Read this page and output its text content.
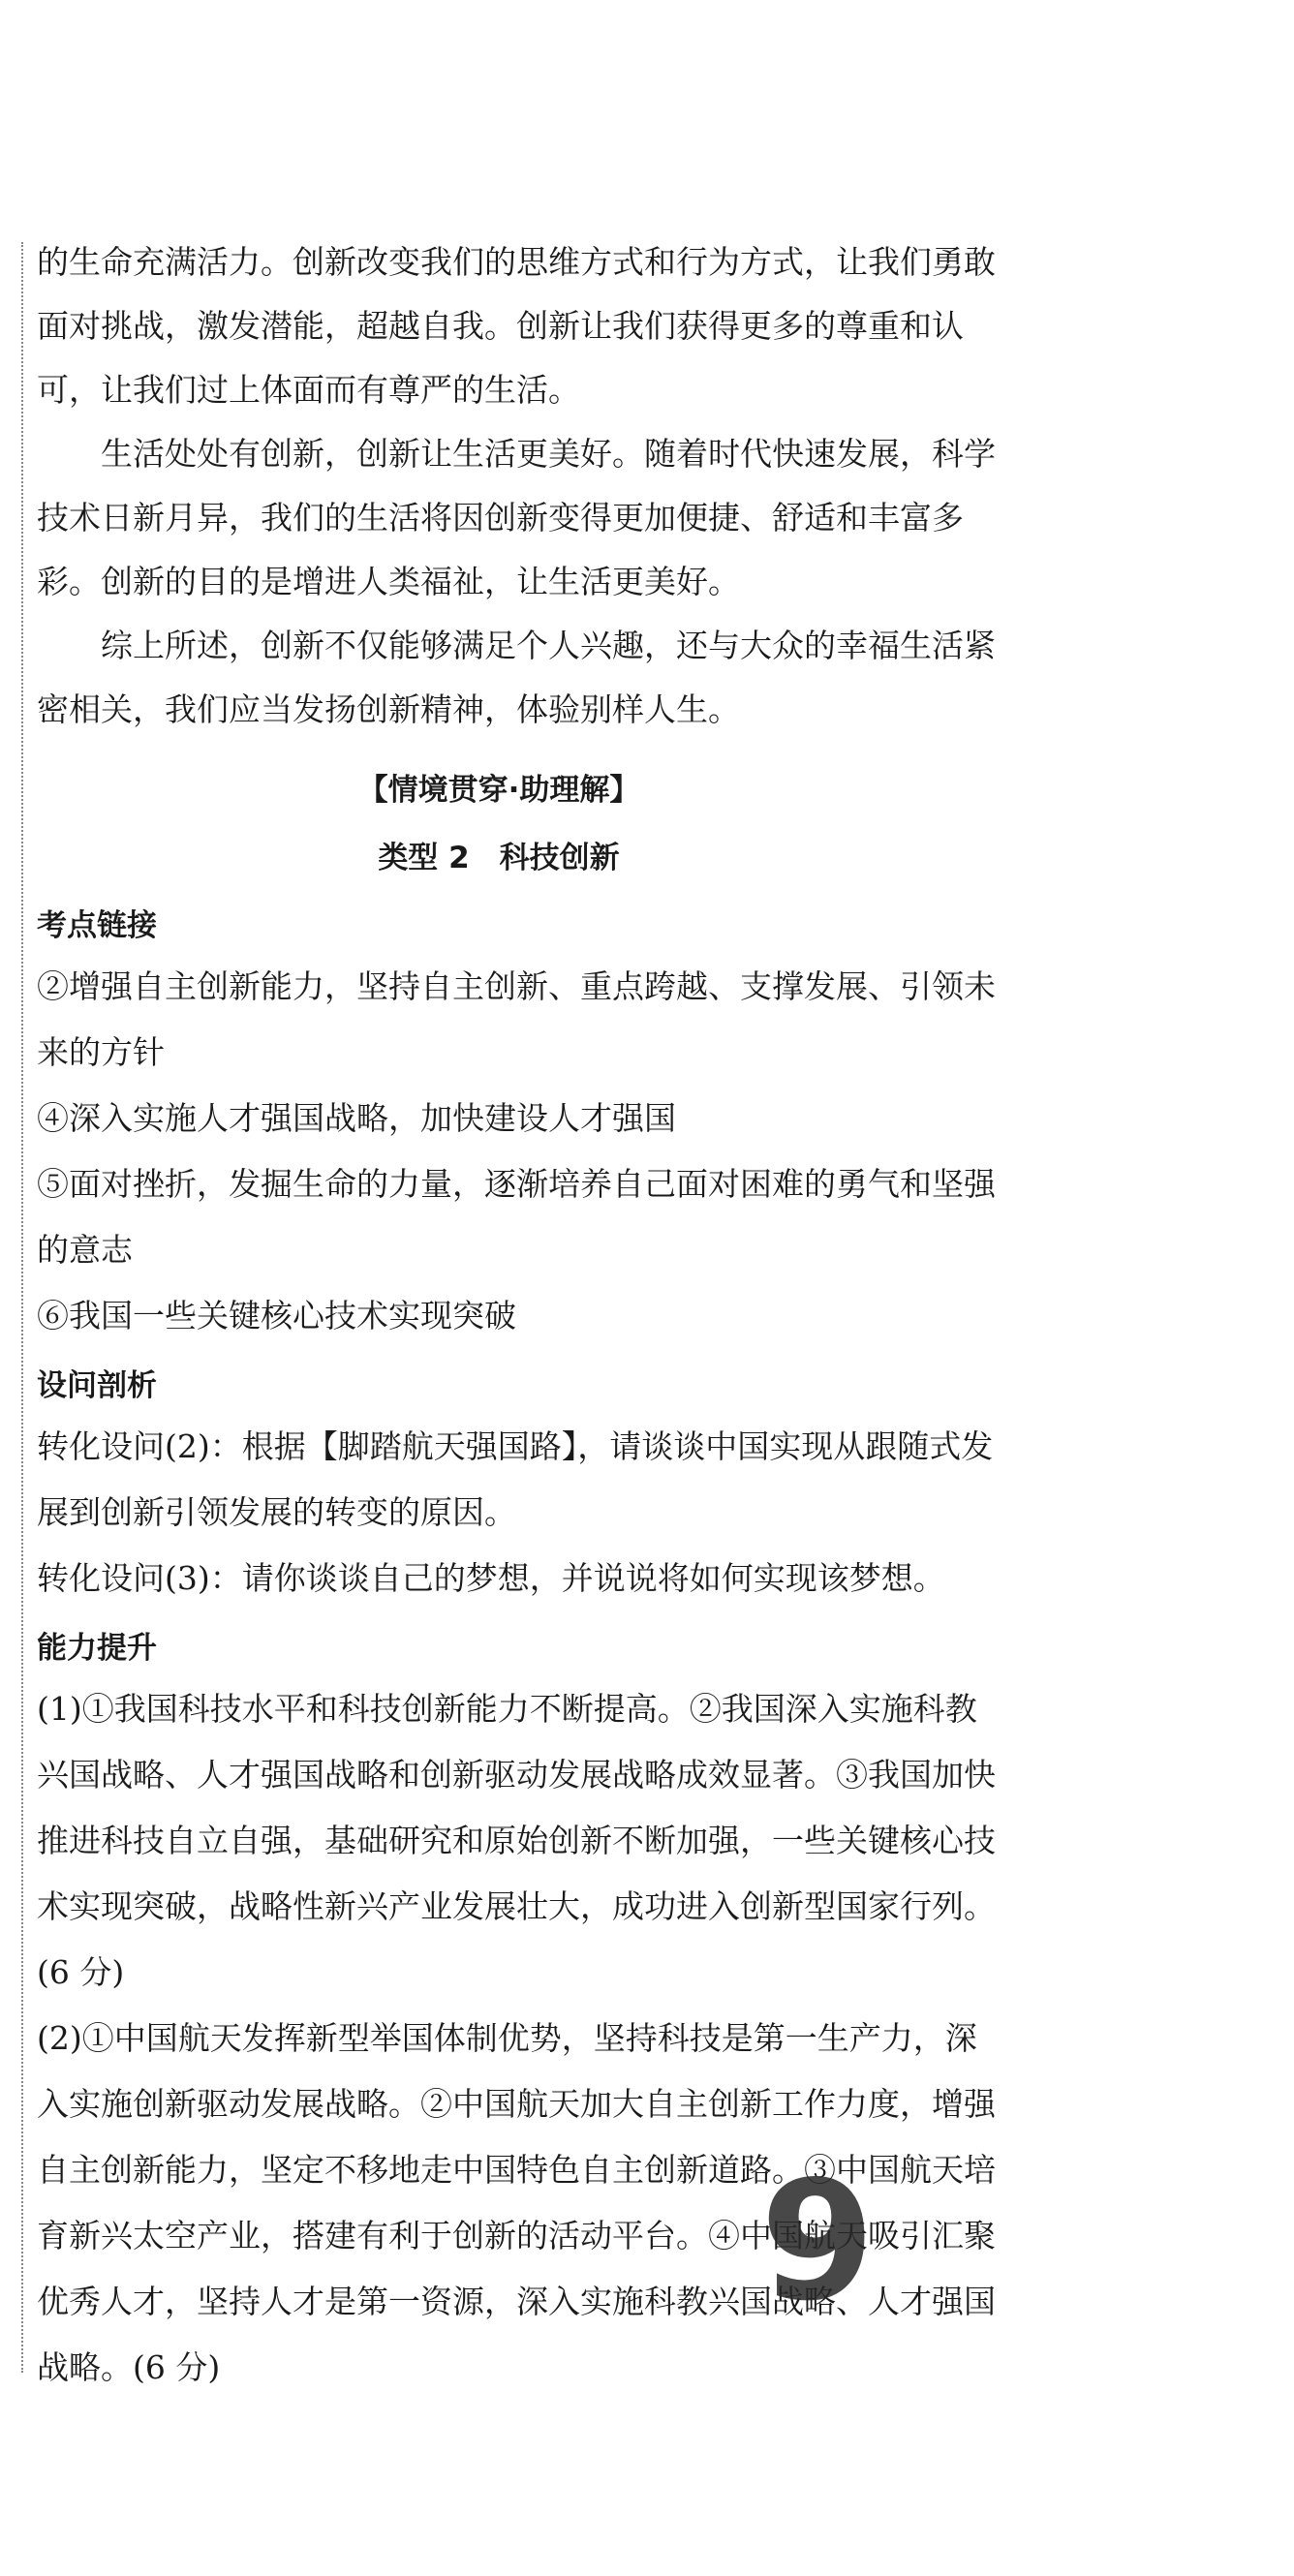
的生命充满活力。创新改变我们的思维方式和行为方式，让我们勇敢面对挑战，激发潜能，超越自我。创新让我们获得更多的尊重和认可，让我们过上体面而有尊严的生活。

生活处处有创新，创新让生活更美好。随着时代快速发展，科学技术日新月异，我们的生活将因创新变得更加便捷、舒适和丰富多彩。创新的目的是增进人类福祉，让生活更美好。

综上所述，创新不仅能够满足个人兴趣，还与大众的幸福生活紧密相关，我们应当发扬创新精神，体验别样人生。

【情境贯穿·助理解】

类型 2　科技创新

考点链接

②增强自主创新能力，坚持自主创新、重点跨越、支撑发展、引领未来的方针

④深入实施人才强国战略，加快建设人才强国

⑤面对挫折，发掘生命的力量，逐渐培养自己面对困难的勇气和坚强的意志

⑥我国一些关键核心技术实现突破

设问剖析

转化设问(2)：根据【脚踏航天强国路】，请谈谈中国实现从跟随式发展到创新引领发展的转变的原因。

转化设问(3)：请你谈谈自己的梦想，并说说将如何实现该梦想。

能力提升

(1)①我国科技水平和科技创新能力不断提高。②我国深入实施科教兴国战略、人才强国战略和创新驱动发展战略成效显著。③我国加快推进科技自立自强，基础研究和原始创新不断加强，一些关键核心技术实现突破，战略性新兴产业发展壮大，成功进入创新型国家行列。(6 分)

(2)①中国航天发挥新型举国体制优势，坚持科技是第一生产力，深入实施创新驱动发展战略。②中国航天加大自主创新工作力度，增强自主创新能力，坚定不移地走中国特色自主创新道路。③中国航天培育新兴太空产业，搭建有利于创新的活动平台。④中国航天吸引汇聚优秀人才，坚持人才是第一资源，深入实施科教兴国战略、人才强国战略。(6 分)

9
